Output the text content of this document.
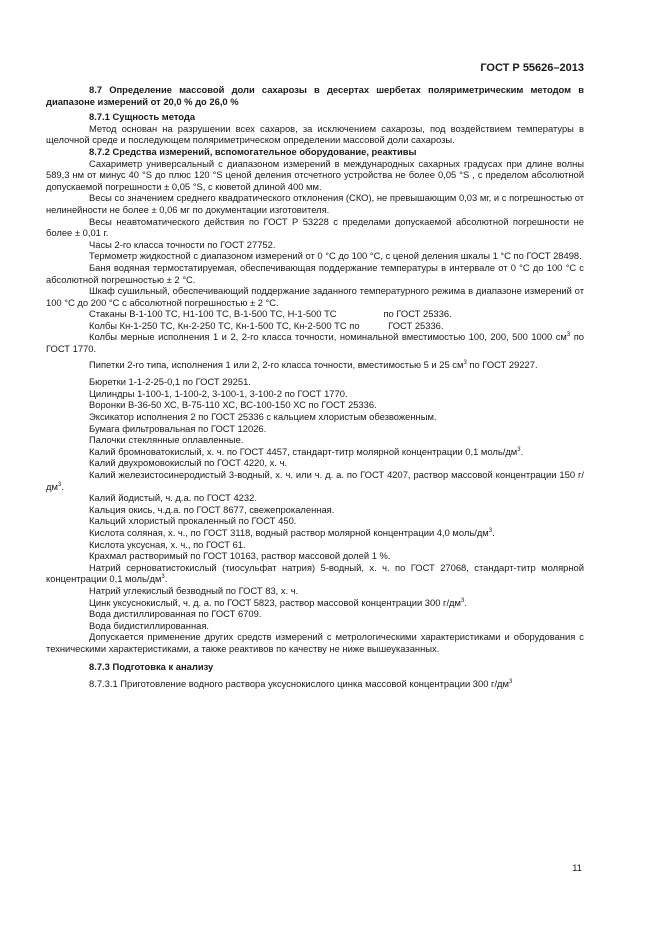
ГОСТ Р 55626–2013

8.7 Определение массовой доли сахарозы в десертах шербетах поляриметрическим методом в диапазоне измерений от 20,0 % до 26,0 %

8.7.1 Сущность метода

Метод основан на разрушении всех сахаров, за исключением сахарозы, под воздействием температуры в щелочной среде и последующем поляриметрическом определении массовой доли сахарозы.

8.7.2 Средства измерений, вспомогательное оборудование, реактивы

Сахариметр универсальный с диапазоном измерений в международных сахарных градусах при длине волны 589,3 нм от минус 40 °S до плюс 120 °S ценой деления отсчетного устройства не более 0,05 °S , с пределом абсолютной допускаемой погрешности ± 0,05 °S, с кюветой длиной 400 мм.

Весы со значением среднего квадратического отклонения (СКО), не превышающим 0,03 мг, и с погрешностью от нелинейности не более ± 0,06 мг по документации изготовителя.

Весы неавтоматического действия по ГОСТ Р 53228 с пределами допускаемой абсолютной погрешности не более ± 0,01 г.

Часы 2-го класса точности по ГОСТ 27752.

Термометр жидкостной с диапазоном измерений от 0 °С до 100 °С, с ценой деления шкалы 1 °С по ГОСТ 28498.

Баня водяная термостатируемая, обеспечивающая поддержание температуры в интервале от 0 °С до 100 °С с абсолютной погрешностью ± 2 °С.

Шкаф сушильный, обеспечивающий поддержание заданного температурного режима в диапазоне измерений от 100 °С до 200 °С с абсолютной погрешностью ± 2 °С.

Стаканы В-1-100 ТС, Н1-100 ТС, В-1-500 ТС, Н-1-500 ТС                  по ГОСТ 25336.

Колбы Кн-1-250 ТС, Кн-2-250 ТС, Кн-1-500 ТС, Кн-2-500 ТС по           ГОСТ 25336.

Колбы мерные исполнения 1 и 2, 2-го класса точности, номинальной вместимостью 100, 200, 500 1000 $см^3$ по ГОСТ 1770.

Пипетки 2-го типа, исполнения 1 или 2, 2-го класса точности, вместимостью 5 и 25 $см^3$ по ГОСТ 29227.

Бюретки 1-1-2-25-0,1 по ГОСТ 29251.

Цилиндры 1-100-1, 1-100-2, 3-100-1, 3-100-2 по ГОСТ 1770.

Воронки В-36-50 ХС, В-75-110 ХС, ВС-100-150 ХС по ГОСТ 25336.

Эксикатор исполнения 2 по ГОСТ 25336 с кальцием хлористым обезвоженным.

Бумага фильтровальная по ГОСТ 12026.

Палочки стеклянные оплавленные.

Калий бромноватокислый, х. ч. по ГОСТ 4457, стандарт-титр молярной концентрации 0,1 моль/$дм^3$.

Калий двухромовокислый по ГОСТ 4220, х. ч.

Калий железистосинеродистый 3-водный, х. ч. или ч. д. а. по ГОСТ 4207, раствор массовой концентрации 150 $г/дм^3$.

Калий йодистый, ч. д.а. по ГОСТ 4232.

Кальция окись, ч.д.а. по ГОСТ 8677, свежепрокаленная.

Кальций хлористый прокаленный по ГОСТ 450.

Кислота соляная, х. ч., по ГОСТ 3118, водный раствор молярной концентрации 4,0 моль/$дм^3$.

Кислота уксусная, х. ч., по ГОСТ 61.

Крахмал растворимый по ГОСТ 10163, раствор массовой долей 1 %.

Натрий серноватистокислый (тиосульфат натрия) 5-водный, х. ч. по ГОСТ 27068, стандарт-титр молярной концентрации 0,1 моль/$дм^3$.

Натрий углекислый безводный по ГОСТ 83, х. ч.

Цинк уксуснокислый, ч. д. а. по ГОСТ 5823, раствор массовой концентрации 300 $г/дм^3$.

Вода дистиллированная по ГОСТ 6709.

Вода бидистиллированная.

Допускается применение других средств измерений с метрологическими характеристиками и оборудования с техническими характеристиками, а также реактивов по качеству не ниже вышеуказанных.

8.7.3 Подготовка к анализу

8.7.3.1 Приготовление водного раствора уксуснокислого цинка массовой концентрации 300 $г/дм^3$

11
